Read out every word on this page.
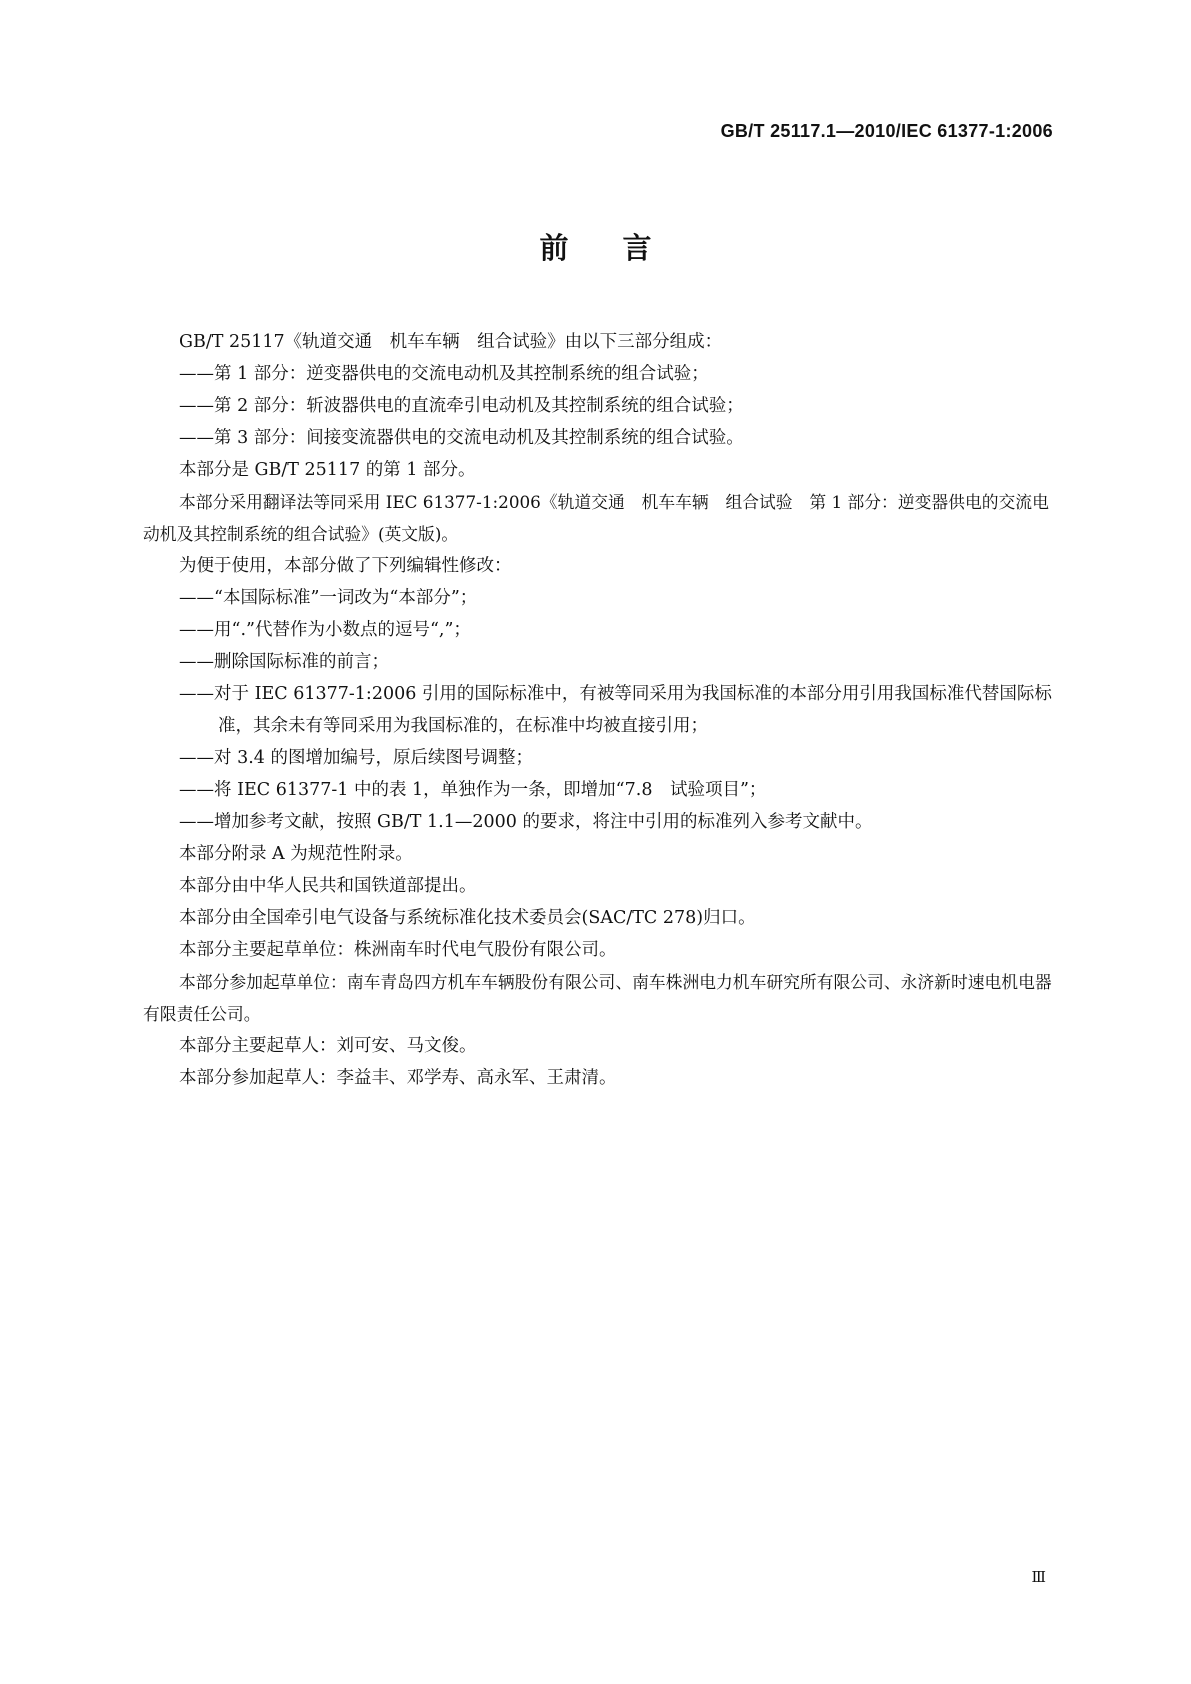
GB/T 25117.1—2010/IEC 61377-1:2006
前言

GB/T 25117《轨道交通　机车车辆　组合试验》由以下三部分组成：

——第 1 部分：逆变器供电的交流电动机及其控制系统的组合试验；

——第 2 部分：斩波器供电的直流牵引电动机及其控制系统的组合试验；

——第 3 部分：间接变流器供电的交流电动机及其控制系统的组合试验。

本部分是 GB/T 25117 的第 1 部分。

本部分采用翻译法等同采用 IEC 61377-1:2006《轨道交通　机车车辆　组合试验　第 1 部分：逆变器供电的交流电动机及其控制系统的组合试验》(英文版)。

为便于使用，本部分做了下列编辑性修改：

——“本国际标准”一词改为“本部分”；

——用“.”代替作为小数点的逗号“,”；

——删除国际标准的前言；

——对于 IEC 61377-1:2006 引用的国际标准中，有被等同采用为我国标准的本部分用引用我国标准代替国际标准，其余未有等同采用为我国标准的，在标准中均被直接引用；

——对 3.4 的图增加编号，原后续图号调整；

——将 IEC 61377-1 中的表 1，单独作为一条，即增加“7.8　试验项目”；

——增加参考文献，按照 GB/T 1.1—2000 的要求，将注中引用的标准列入参考文献中。

本部分附录 A 为规范性附录。

本部分由中华人民共和国铁道部提出。

本部分由全国牵引电气设备与系统标准化技术委员会(SAC/TC 278)归口。

本部分主要起草单位：株洲南车时代电气股份有限公司。

本部分参加起草单位：南车青岛四方机车车辆股份有限公司、南车株洲电力机车研究所有限公司、永济新时速电机电器有限责任公司。

本部分主要起草人：刘可安、马文俊。

本部分参加起草人：李益丰、邓学寿、高永军、王肃清。

Ⅲ
